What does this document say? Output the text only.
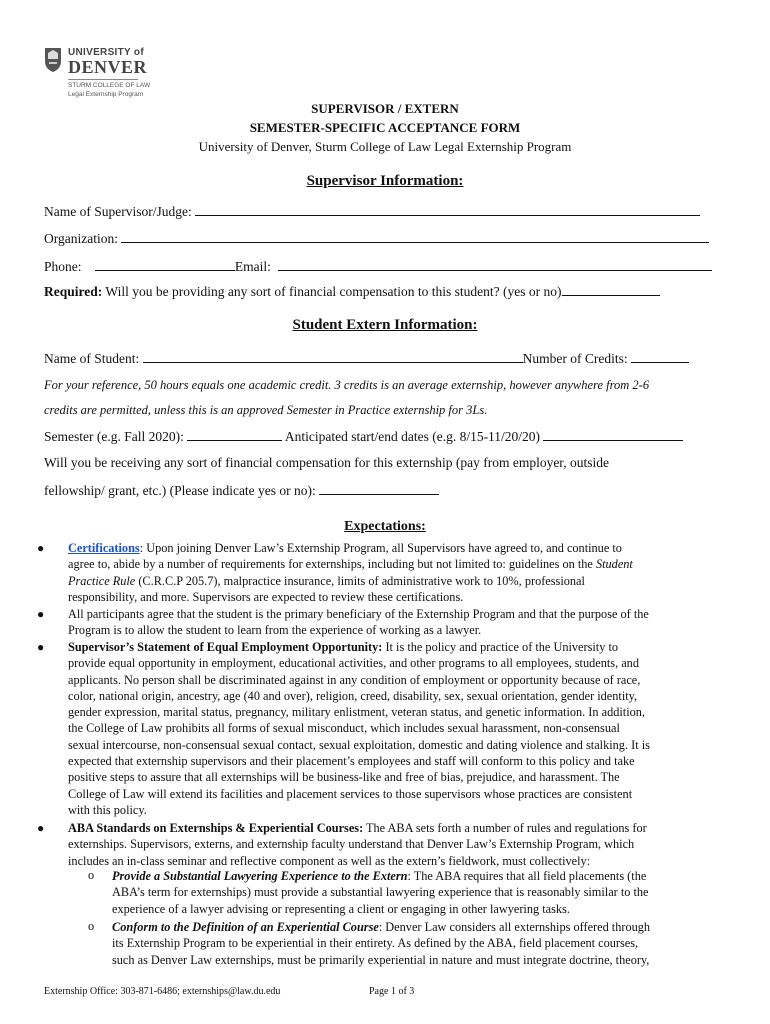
UNIVERSITY of
DENVER
STURM COLLEGE OF LAW
Legal Externship Program
SUPERVISOR / EXTERN
SEMESTER-SPECIFIC ACCEPTANCE FORM
University of Denver, Sturm College of Law Legal Externship Program
Supervisor Information:
Name of Supervisor/Judge:
Organization:
Phone:	Email:
Required: Will you be providing any sort of financial compensation to this student? (yes or no)
Student Extern Information:
Name of Student:	Number of Credits:
For your reference, 50 hours equals one academic credit. 3 credits is an average externship, however anywhere from 2-6
credits are permitted, unless this is an approved Semester in Practice externship for 3Ls.
Semester (e.g. Fall 2020):	Anticipated start/end dates (e.g. 8/15-11/20/20)
Will you be receiving any sort of financial compensation for this externship (pay from employer, outside
fellowship/ grant, etc.) (Please indicate yes or no):
Expectations:
● Certifications: Upon joining Denver Law’s Externship Program, all Supervisors have agreed to, and continue to
agree to, abide by a number of requirements for externships, including but not limited to: guidelines on the Student
Practice Rule (C.R.C.P 205.7), malpractice insurance, limits of administrative work to 10%, professional
responsibility, and more. Supervisors are expected to review these certifications.
● All participants agree that the student is the primary beneficiary of the Externship Program and that the purpose of the
Program is to allow the student to learn from the experience of working as a lawyer.
● Supervisor’s Statement of Equal Employment Opportunity: It is the policy and practice of the University to
provide equal opportunity in employment, educational activities, and other programs to all employees, students, and
applicants. No person shall be discriminated against in any condition of employment or opportunity because of race,
color, national origin, ancestry, age (40 and over), religion, creed, disability, sex, sexual orientation, gender identity,
gender expression, marital status, pregnancy, military enlistment, veteran status, and genetic information. In addition,
the College of Law prohibits all forms of sexual misconduct, which includes sexual harassment, non-consensual
sexual intercourse, non-consensual sexual contact, sexual exploitation, domestic and dating violence and stalking. It is
expected that externship supervisors and their placement’s employees and staff will conform to this policy and take
positive steps to assure that all externships will be business-like and free of bias, prejudice, and harassment. The
College of Law will extend its facilities and placement services to those supervisors whose practices are consistent
with this policy.
● ABA Standards on Externships & Experiential Courses: The ABA sets forth a number of rules and regulations for
externships. Supervisors, externs, and externship faculty understand that Denver Law’s Externship Program, which
includes an in-class seminar and reflective component as well as the extern’s fieldwork, must collectively:
o Provide a Substantial Lawyering Experience to the Extern: The ABA requires that all field placements (the
ABA’s term for externships) must provide a substantial lawyering experience that is reasonably similar to the
experience of a lawyer advising or representing a client or engaging in other lawyering tasks.
o Conform to the Definition of an Experiential Course: Denver Law considers all externships offered through
its Externship Program to be experiential in their entirety. As defined by the ABA, field placement courses,
such as Denver Law externships, must be primarily experiential in nature and must integrate doctrine, theory,
Externship Office: 303-871-6486; externships@law.du.edu	Page 1 of 3
